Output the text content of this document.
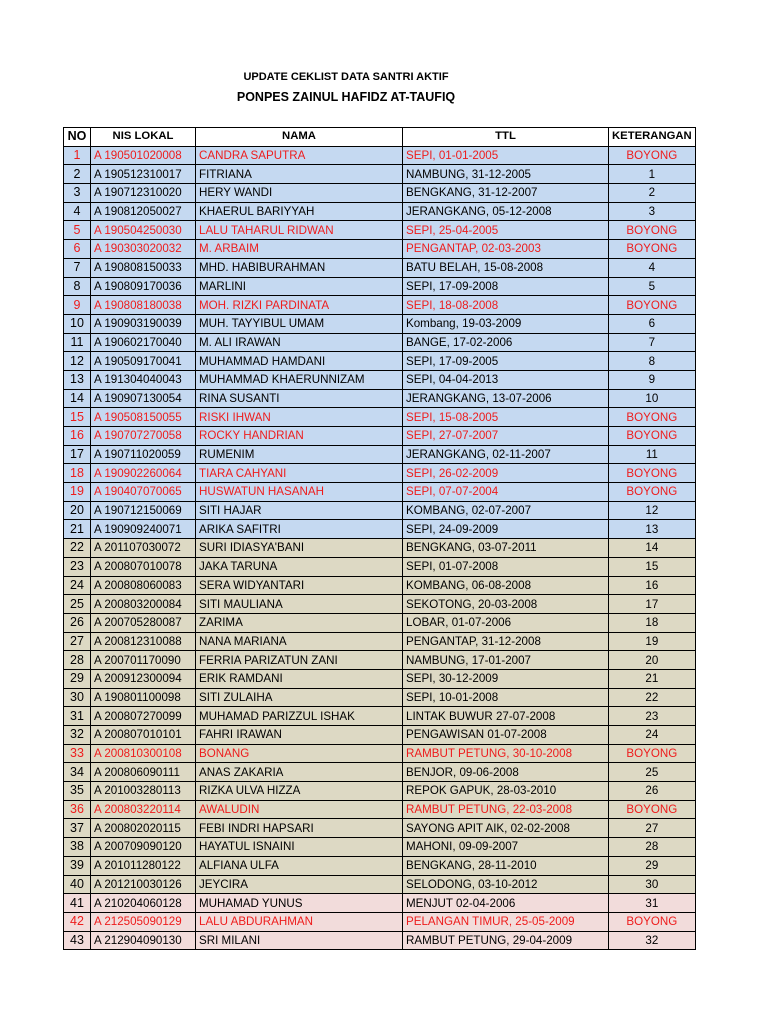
UPDATE CEKLIST DATA SANTRI AKTIF
PONPES ZAINUL HAFIDZ AT-TAUFIQ
NO	NIS LOKAL	NAMA	TTL	KETERANGAN
1	A 190501020008	CANDRA SAPUTRA	SEPI, 01-01-2005	BOYONG
2	A 190512310017	FITRIANA	NAMBUNG, 31-12-2005	1
3	A 190712310020	HERY WANDI	BENGKANG, 31-12-2007	2
4	A 190812050027	KHAERUL BARIYYAH	JERANGKANG, 05-12-2008	3
5	A 190504250030	LALU TAHARUL RIDWAN	SEPI, 25-04-2005	BOYONG
6	A 190303020032	M. ARBAIM	PENGANTAP, 02-03-2003	BOYONG
7	A 190808150033	MHD. HABIBURAHMAN	BATU BELAH, 15-08-2008	4
8	A 190809170036	MARLINI	SEPI, 17-09-2008	5
9	A 190808180038	MOH. RIZKI PARDINATA	SEPI, 18-08-2008	BOYONG
10	A 190903190039	MUH. TAYYIBUL UMAM	Kombang, 19-03-2009	6
11	A 190602170040	M. ALI IRAWAN	BANGE, 17-02-2006	7
12	A 190509170041	MUHAMMAD HAMDANI	SEPI, 17-09-2005	8
13	A 191304040043	MUHAMMAD KHAERUNNIZAM	SEPI, 04-04-2013	9
14	A 190907130054	RINA SUSANTI	JERANGKANG, 13-07-2006	10
15	A 190508150055	RISKI IHWAN	SEPI, 15-08-2005	BOYONG
16	A 190707270058	ROCKY HANDRIAN	SEPI, 27-07-2007	BOYONG
17	A 190711020059	RUMENIM	JERANGKANG, 02-11-2007	11
18	A 190902260064	TIARA CAHYANI	SEPI, 26-02-2009	BOYONG
19	A 190407070065	HUSWATUN HASANAH	SEPI, 07-07-2004	BOYONG
20	A 190712150069	SITI HAJAR	KOMBANG, 02-07-2007	12
21	A 190909240071	ARIKA SAFITRI	SEPI, 24-09-2009	13
22	A 201107030072	SURI IDIASYA'BANI	BENGKANG, 03-07-2011	14
23	A 200807010078	JAKA TARUNA	SEPI, 01-07-2008	15
24	A 200808060083	SERA WIDYANTARI	KOMBANG, 06-08-2008	16
25	A 200803200084	SITI MAULIANA	SEKOTONG, 20-03-2008	17
26	A 200705280087	ZARIMA	LOBAR, 01-07-2006	18
27	A 200812310088	NANA MARIANA	PENGANTAP, 31-12-2008	19
28	A 200701170090	FERRIA PARIZATUN ZANI	NAMBUNG, 17-01-2007	20
29	A 200912300094	ERIK RAMDANI	SEPI, 30-12-2009	21
30	A 190801100098	SITI ZULAIHA	SEPI, 10-01-2008	22
31	A 200807270099	MUHAMAD PARIZZUL ISHAK	LINTAK BUWUR 27-07-2008	23
32	A 200807010101	FAHRI IRAWAN	PENGAWISAN 01-07-2008	24
33	A 200810300108	BONANG	RAMBUT PETUNG, 30-10-2008	BOYONG
34	A 200806090111	ANAS ZAKARIA	BENJOR, 09-06-2008	25
35	A 201003280113	RIZKA ULVA HIZZA	REPOK GAPUK, 28-03-2010	26
36	A 200803220114	AWALUDIN	RAMBUT PETUNG, 22-03-2008	BOYONG
37	A 200802020115	FEBI INDRI HAPSARI	SAYONG APIT AIK, 02-02-2008	27
38	A 200709090120	HAYATUL ISNAINI	MAHONI, 09-09-2007	28
39	A 201011280122	ALFIANA ULFA	BENGKANG, 28-11-2010	29
40	A 201210030126	JEYCIRA	SELODONG, 03-10-2012	30
41	A 210204060128	MUHAMAD YUNUS	MENJUT 02-04-2006	31
42	A 212505090129	LALU ABDURAHMAN	PELANGAN TIMUR, 25-05-2009	BOYONG
43	A 212904090130	SRI MILANI	RAMBUT PETUNG, 29-04-2009	32
